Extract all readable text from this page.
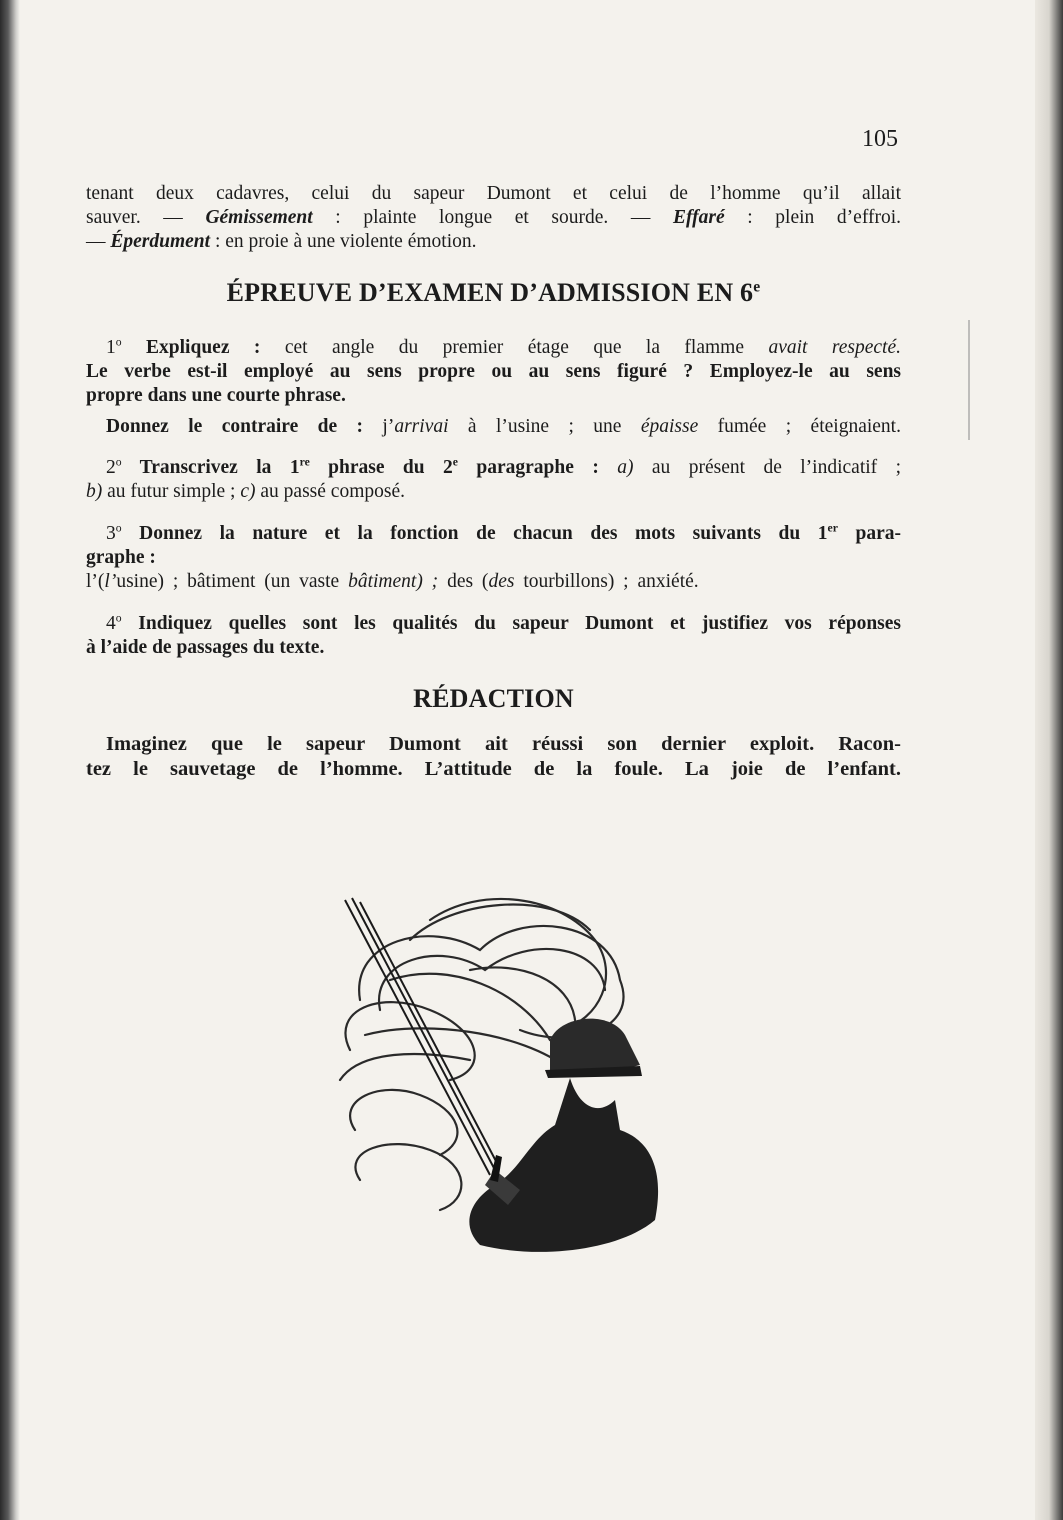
105

tenant deux cadavres, celui du sapeur Dumont et celui de l’homme qu’il allait

sauver. — Gémissement : plainte longue et sourde. — Effaré : plein d’effroi.

— Éperdument : en proie à une violente émotion.

ÉPREUVE D’EXAMEN D’ADMISSION EN 6e

1$^o$ Expliquez : cet angle du premier étage que la flamme avait respecté.

Le verbe est-il employé au sens propre ou au sens figuré ? Employez-le au sens

propre dans une courte phrase.

Donnez le contraire de : j’arrivai à l’usine ; une épaisse fumée ; éteignaient.

2$^o$ Transcrivez la 1re phrase du 2e paragraphe : a) au présent de l’indicatif ;

b) au futur simple ; c) au passé composé.

3$^o$ Donnez la nature et la fonction de chacun des mots suivants du 1er para-

graphe :

l’(l’usine) ; bâtiment (un vaste bâtiment) ; des (des tourbillons) ; anxiété.

4$^o$ Indiquez quelles sont les qualités du sapeur Dumont et justifiez vos réponses

à l’aide de passages du texte.

RÉDACTION

Imaginez que le sapeur Dumont ait réussi son dernier exploit. Racon-

tez le sauvetage de l’homme. L’attitude de la foule. La joie de l’enfant.
